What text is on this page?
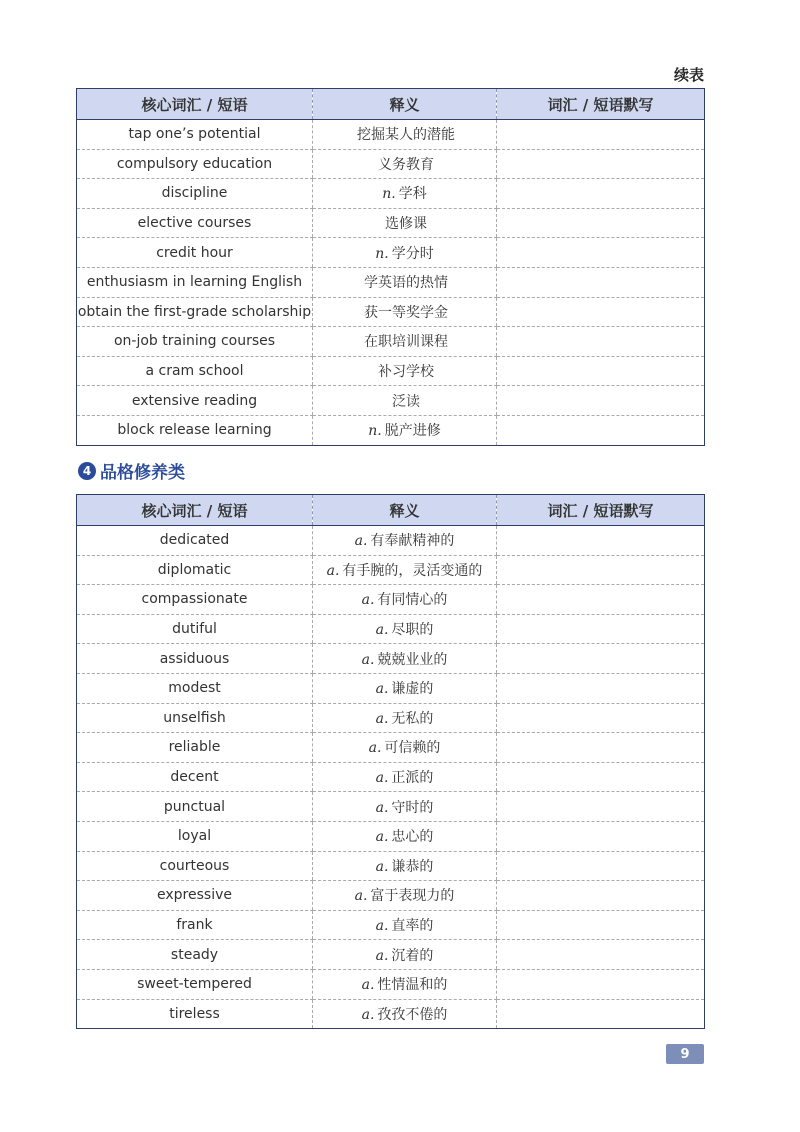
续表
核心词汇 / 短语	释义	词汇 / 短语默写
tap one’s potential	挖掘某人的潜能	
compulsory education	义务教育	
discipline	n. 学科	
elective courses	选修课	
credit hour	n. 学分时	
enthusiasm in learning English	学英语的热情	
obtain the first-grade scholarship	获一等奖学金	
on-job training courses	在职培训课程	
a cram school	补习学校	
extensive reading	泛读	
block release learning	n. 脱产进修	
4 品格修养类
核心词汇 / 短语	释义	词汇 / 短语默写
dedicated	a. 有奉献精神的	
diplomatic	a. 有手腕的，灵活变通的	
compassionate	a. 有同情心的	
dutiful	a. 尽职的	
assiduous	a. 兢兢业业的	
modest	a. 谦虚的	
unselfish	a. 无私的	
reliable	a. 可信赖的	
decent	a. 正派的	
punctual	a. 守时的	
loyal	a. 忠心的	
courteous	a. 谦恭的	
expressive	a. 富于表现力的	
frank	a. 直率的	
steady	a. 沉着的	
sweet-tempered	a. 性情温和的	
tireless	a. 孜孜不倦的	
9
